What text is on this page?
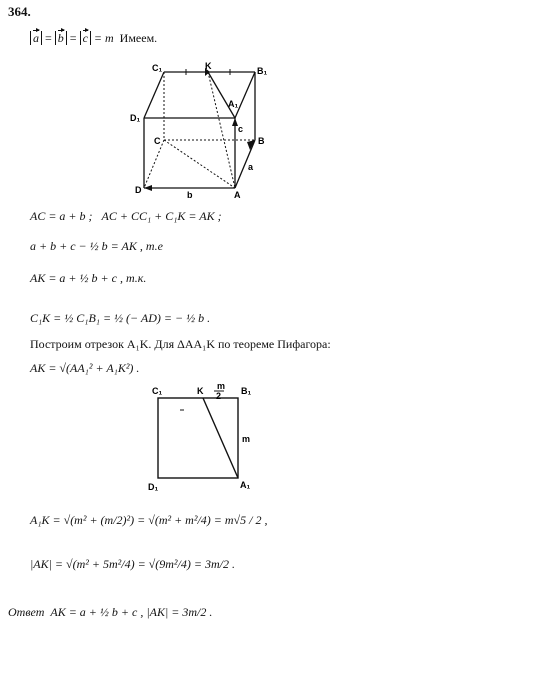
364.
a = b = c = m Имеем.
C₁	K	B₁
A₁
D₁
C	B
D	A
c
a
b
AC = a + b ; AC + CC₁ + C₁K = AK ;
a + b + c − ½ b = AK , т.е
AK = a + ½ b + c , т.к.
C₁K = ½ C₁B₁ = ½ (− AD) = − ½ b .
Построим отрезок A₁K. Для ΔAA₁K по теореме Пифагора:
AK = √(AA₁² + A₁K²) .
C₁	K m
2 B₁
m
D₁	A₁
A₁K = √(m² + (m/2)²) = √(m² + m²/4) = m√5 / 2 ,
|AK| = √(m² + 5m²/4) = √(9m²/4) = 3m/2 .
Ответ AK = a + ½ b + c , |AK| = 3m/2 .
